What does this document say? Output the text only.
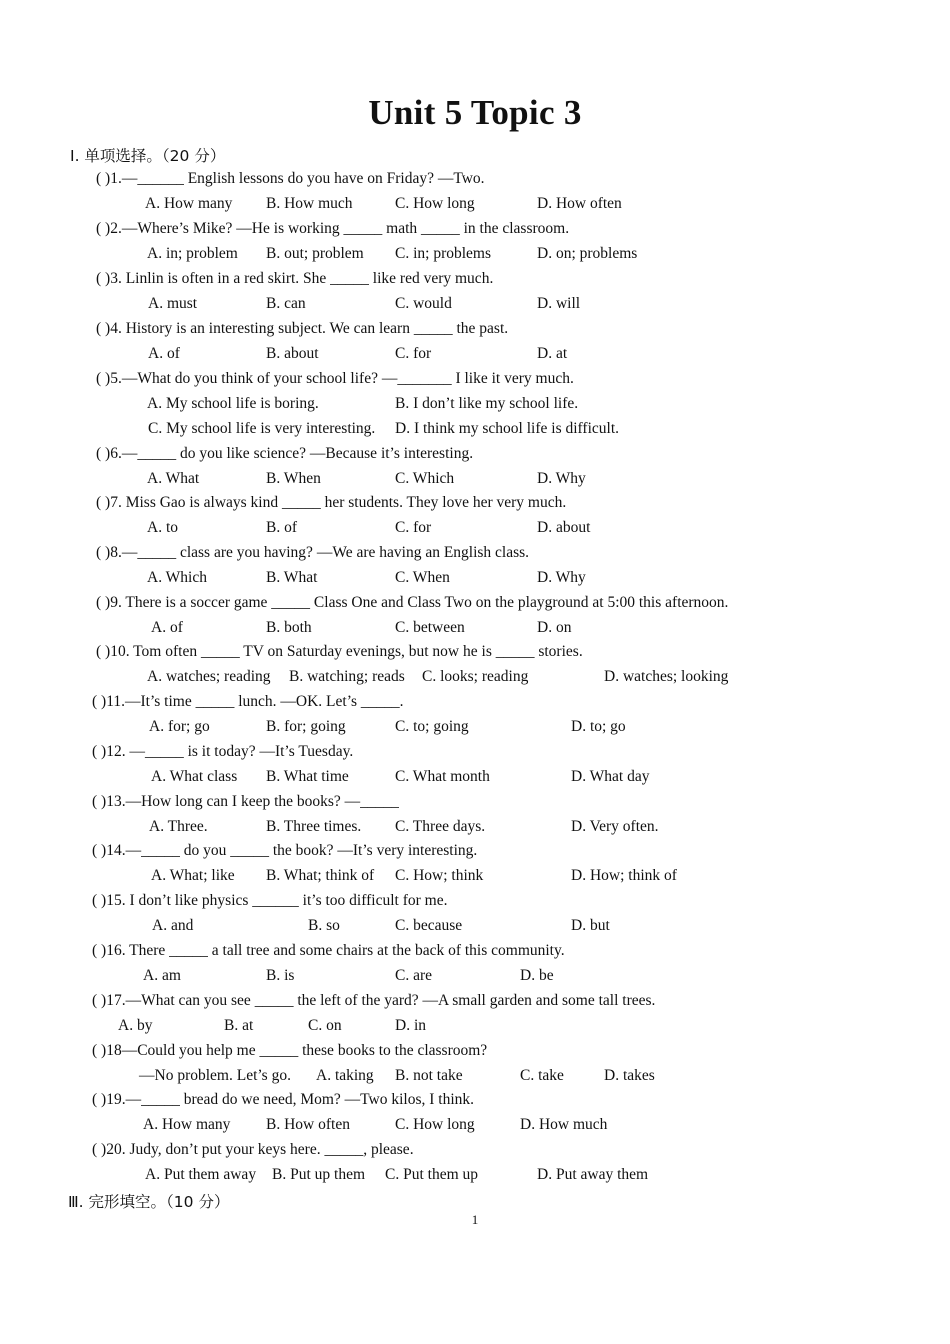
Unit 5 Topic 3
Ⅰ. 单项选择。（20 分）
( )1.—______ English lessons do you have on Friday? —Two.
A. How many B. How much	C. How long	D. How often
( )2.—Where’s Mike? —He is working _____ math _____ in the classroom.
A. in; problem B. out; problem C. in; problems	D. on; problems
( )3. Linlin is often in a red skirt. She _____ like red very much.
A. must	B. can	C. would	D. will
( )4. History is an interesting subject. We can learn _____ the past.
A. of	B. about	C. for	D. at
( )5.—What do you think of your school life? —_______ I like it very much.
A. My school life is boring.	B. I don’t like my school life.
C. My school life is very interesting. D. I think my school life is difficult.
( )6.—_____ do you like science? —Because it’s interesting.
A. What	B. When	C. Which	D. Why
( )7. Miss Gao is always kind _____ her students. They love her very much.
A. to	B. of	C. for	D. about
( )8.—_____ class are you having? —We are having an English class.
A. Which	B. What	C. When	D. Why
( )9. There is a soccer game _____ Class One and Class Two on the playground at 5:00 this afternoon.
A. of	B. both	C. between	D. on
( )10. Tom often _____ TV on Saturday evenings, but now he is _____ stories.
A. watches; reading B. watching; reads C. looks; reading	D. watches; looking
( )11.—It’s time _____ lunch. —OK. Let’s _____.
A. for; go	B. for; going	C. to; going	D. to; go
( )12. —_____ is it today? —It’s Tuesday.
A. What class B. What time	C. What month	D. What day
( )13.—How long can I keep the books? —_____
A. Three.	B. Three times. C. Three days.	D. Very often.
( )14.—_____ do you _____ the book? —It’s very interesting.
A. What; like B. What; think of C. How; think	D. How; think of
( )15. I don’t like physics ______ it’s too difficult for me.
A. and	B. so	C. because	D. but
( )16. There _____ a tall tree and some chairs at the back of this community.
A. am	B. is	C. are	D. be
( )17.—What can you see _____ the left of the yard? —A small garden and some tall trees.
A. by	B. at	C. on	D. in
( )18—Could you help me _____ these books to the classroom?
—No problem. Let’s go. A. taking B. not take	C. take	D. takes
( )19.—_____ bread do we need, Mom? —Two kilos, I think.
A. How many B. How often	C. How long	D. How much
( )20. Judy, don’t put your keys here. _____, please.
A. Put them away B. Put up them C. Put them up	D. Put away them
Ⅲ. 完形填空。（10 分）
1
